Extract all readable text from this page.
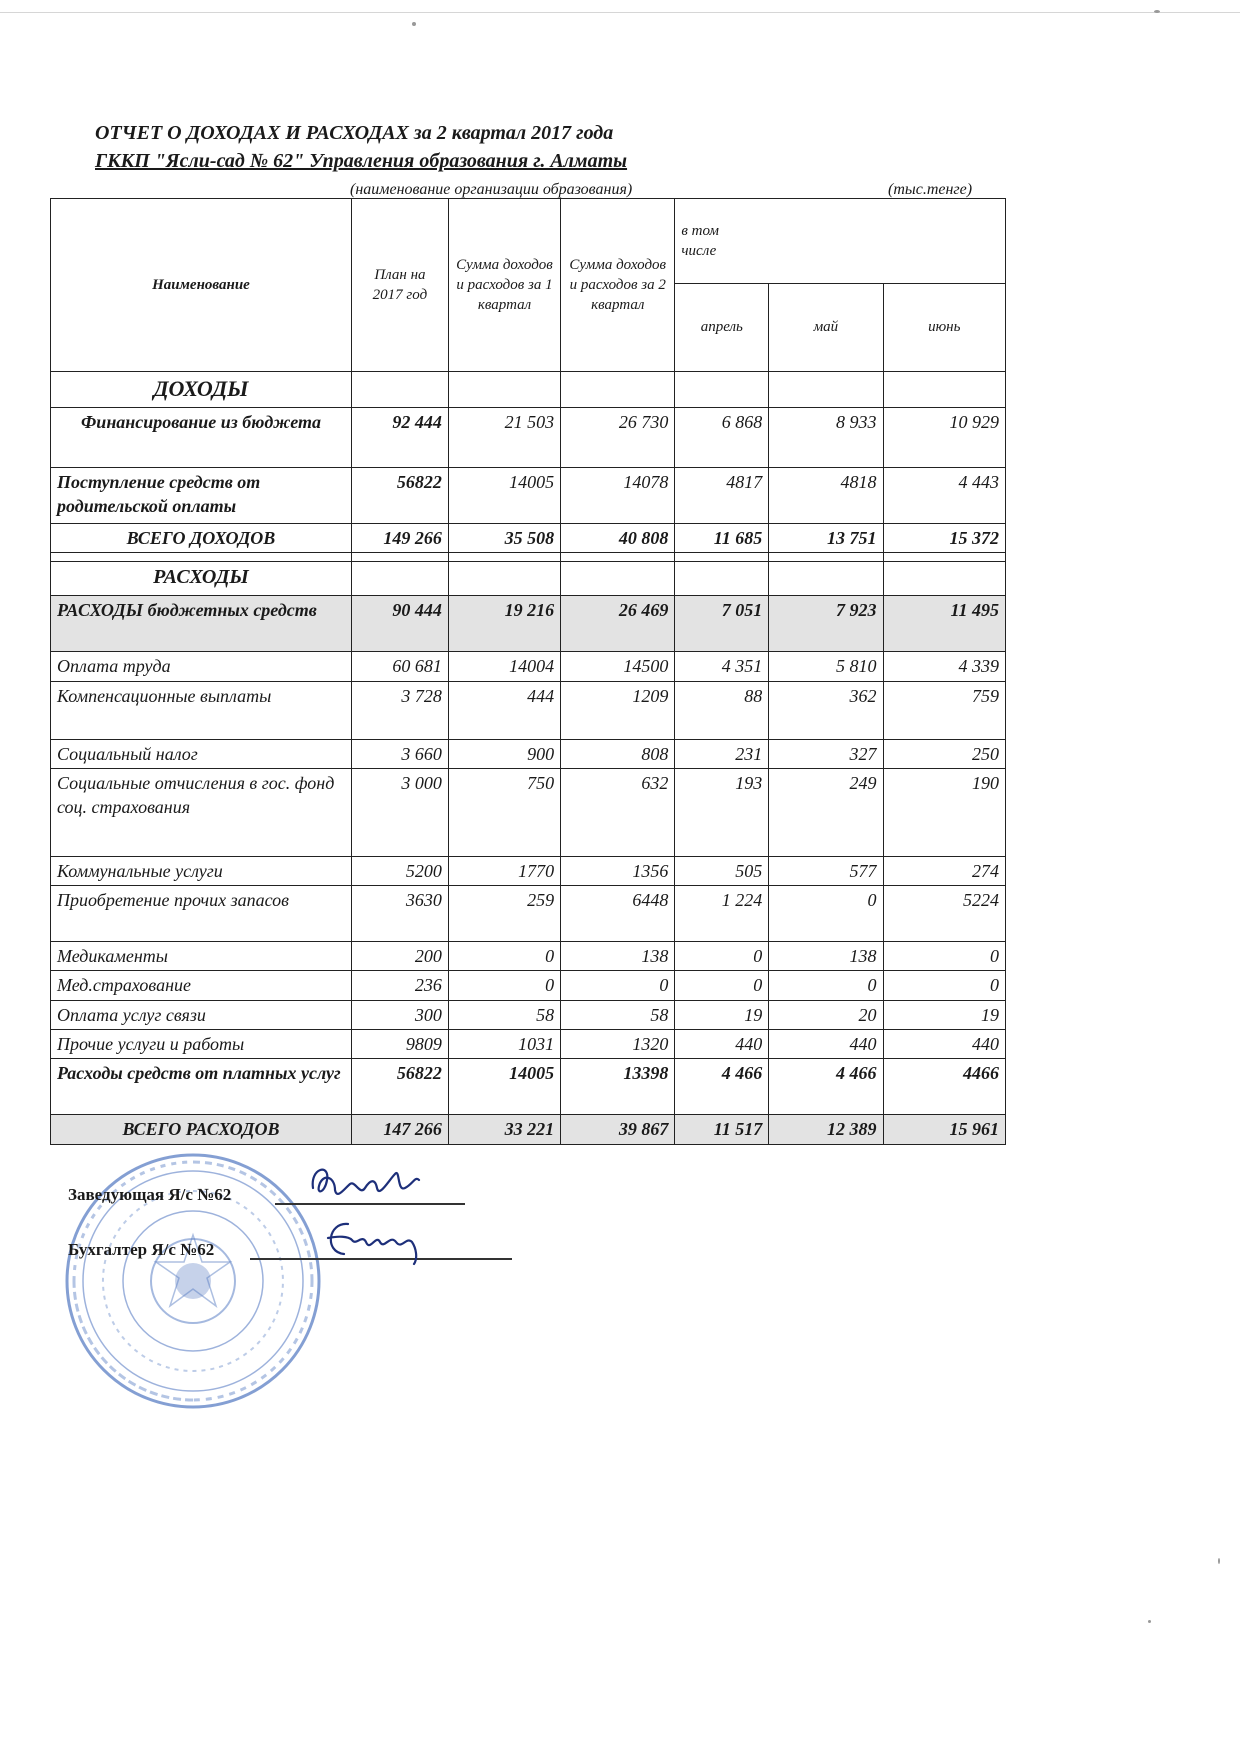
ОТЧЕТ О ДОХОДАХ И РАСХОДАХ за 2 квартал 2017 года
ГККП "Ясли-сад № 62" Управления образования г. Алматы
(наименование организации образования)	(тыс.тенге)
Наименование	План на 2017 год	Сумма доходов и расходов за 1 квартал	Сумма доходов и расходов за 2 квартал	в том числе		
				апрель	май	июнь
ДОХОДЫ						
Финансирование из бюджета	92 444	21 503	26 730	6 868	8 933	10 929
Поступление средств от родительской оплаты	56822	14005	14078	4817	4818	4 443
ВСЕГО ДОХОДОВ	149 266	35 508	40 808	11 685	13 751	15 372

РАСХОДЫ						
РАСХОДЫ бюджетных средств	90 444	19 216	26 469	7 051	7 923	11 495
Оплата труда	60 681	14004	14500	4 351	5 810	4 339
Компенсационные выплаты	3 728	444	1209	88	362	759
Социальный налог	3 660	900	808	231	327	250
Социальные отчисления в гос. фонд соц. страхования	3 000	750	632	193	249	190
Коммунальные услуги	5200	1770	1356	505	577	274
Приобретение прочих запасов	3630	259	6448	1 224	0	5224
Медикаменты	200	0	138	0	138	0
Мед.страхование	236	0	0	0	0	0
Оплата услуг связи	300	58	58	19	20	19
Прочие услуги и работы	9809	1031	1320	440	440	440
Расходы средств от платных услуг	56822	14005	13398	4 466	4 466	4466
ВСЕГО РАСХОДОВ	147 266	33 221	39 867	11 517	12 389	15 961
Заведующая Я/с №62
Бухгалтер Я/с №62
